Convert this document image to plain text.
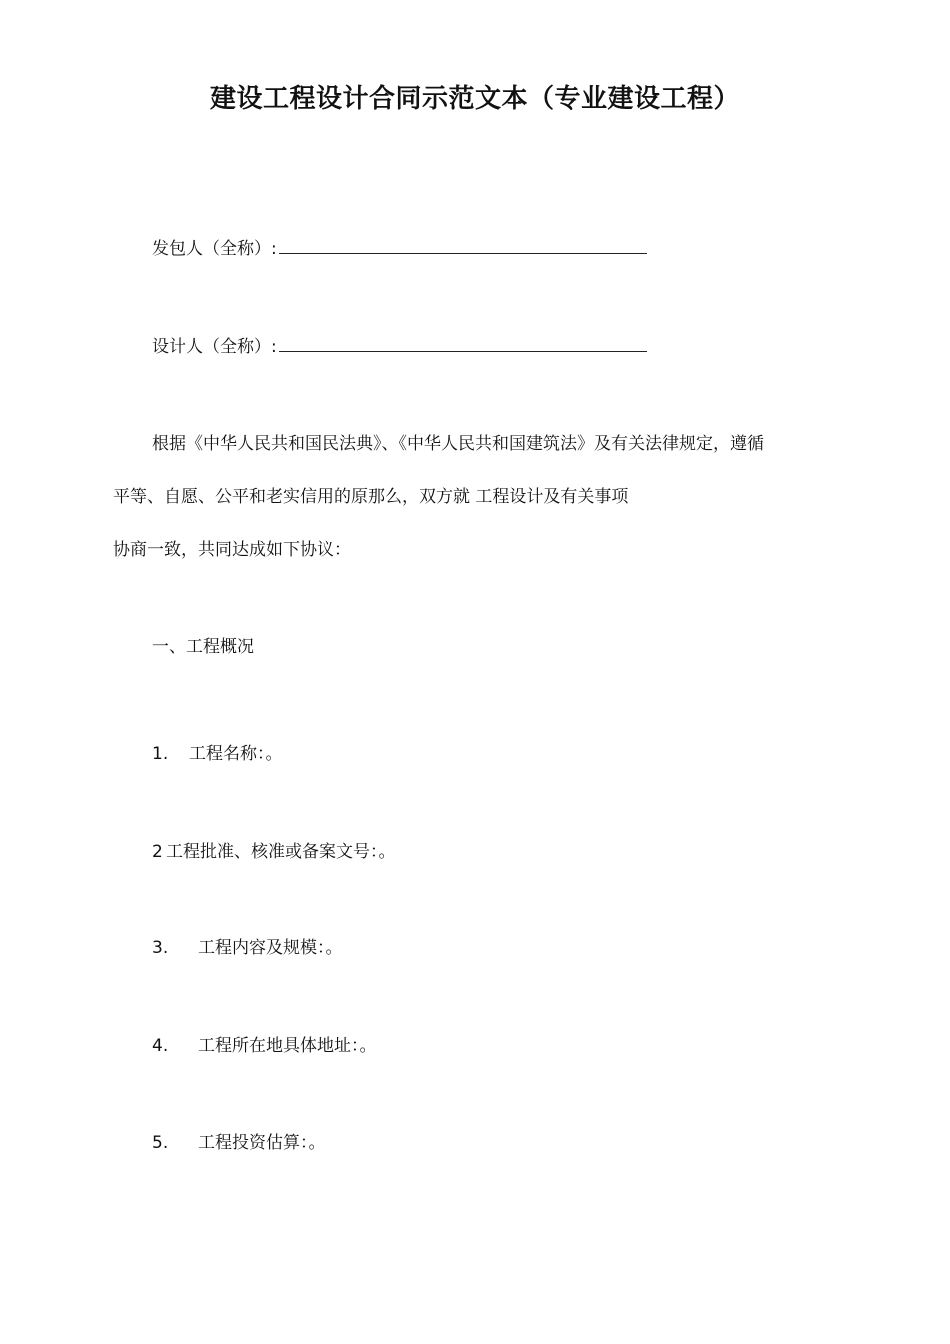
建设工程设计合同示范文本（专业建设工程）
发包人（全称）:
设计人（全称）:
根据《中华人民共和国民法典》、《中华人民共和国建筑法》及有关法律规定，遵循
平等、自愿、公平和老实信用的原那么，双方就 工程设计及有关事项
协商一致，共同达成如下协议：
一、工程概况
1. 工程名称：。
2 工程批准、核准或备案文号：。
3. 工程内容及规模：。
4. 工程所在地具体地址：。
5. 工程投资估算：。
